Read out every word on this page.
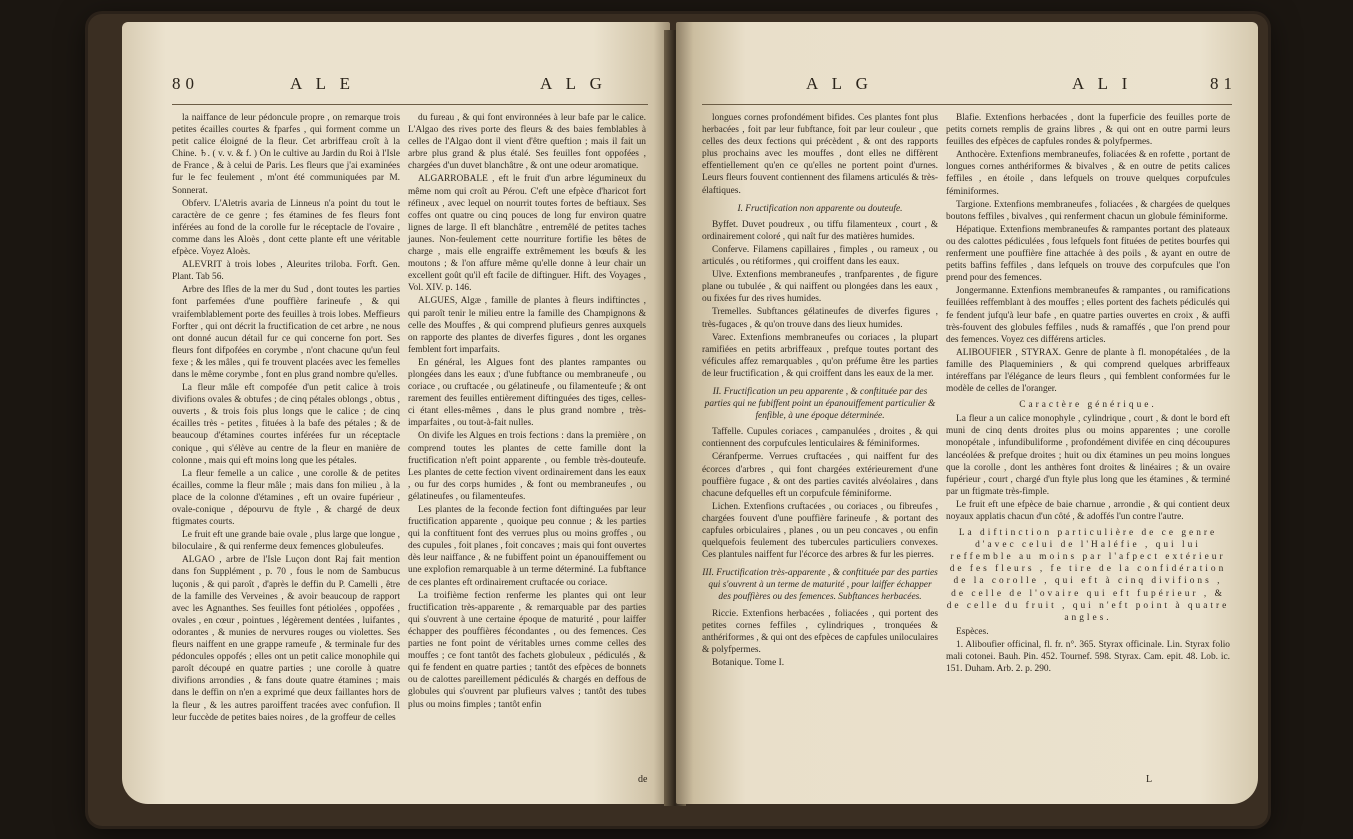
80	A L E	A L G

la naiffance de leur pédoncule propre , on remarque trois petites écailles courtes & fparfes , qui forment comme un petit calice éloigné de la fleur. Cet arbriffeau croît à la Chine. ♄. ( v. v. & f. ) On le cultive au Jardin du Roi à l'Isle de France , & à celui de Paris. Les fleurs que j'ai examinées fur le fec feulement , m'ont été communiquées par M. Sonnerat.

Obferv. L'Aletris avaria de Linneus n'a point du tout le caractère de ce genre ; fes étamines de fes fleurs font inférées au fond de la corolle fur le réceptacle de l'ovaire , comme dans les Aloès , dont cette plante eft une véritable efpèce. Voyez Aloès.

ALEVRIT à trois lobes , Aleurites triloba. Forft. Gen. Plant. Tab 56.

Arbre des Ifles de la mer du Sud , dont toutes les parties font parfemées d'une pouffière farineufe , & qui vraifemblablement porte des feuilles à trois lobes. Meffieurs Forfter , qui ont décrit la fructification de cet arbre , ne nous ont donné aucun détail fur ce qui concerne fon port. Ses fleurs font difpofées en corymbe , n'ont chacune qu'un feul fexe ; & les mâles , qui fe trouvent placées avec les femelles dans le même corymbe , font en plus grand nombre qu'elles.

La fleur mâle eft compofée d'un petit calice à trois divifions ovales & obtufes ; de cinq pétales oblongs , obtus , ouverts , & trois fois plus longs que le calice ; de cinq écailles très - petites , fituées à la bafe des pétales ; & de beaucoup d'étamines courtes inférées fur un réceptacle conique , qui s'élève au centre de la fleur en manière de colonne , mais qui eft moins long que les pétales.

La fleur femelle a un calice , une corolle & de petites écailles, comme la fleur mâle ; mais dans fon milieu , à la place de la colonne d'étamines , eft un ovaire fupérieur , ovale-conique , dépourvu de ftyle , & chargé de deux ftigmates courts.

Le fruit eft une grande baie ovale , plus large que longue , biloculaire , & qui renferme deux femences globuleufes.

ALGAO , arbre de l'Isle Luçon dont Raj fait mention dans fon Supplément , p. 70 , fous le nom de Sambucus luçonis , & qui paroît , d'après le deffin du P. Camelli , être de la famille des Verveines , & avoir beaucoup de rapport avec les Agnanthes. Ses feuilles font pétiolées , oppofées , ovales , en cœur , pointues , légèrement dentées , luifantes , odorantes , & munies de nervures rouges ou violettes. Ses fleurs naiffent en une grappe rameufe , & terminale fur des pédoncules oppofés ; elles ont un petit calice monophile qui paroît découpé en quatre parties ; une corolle à quatre divifions arrondies , & fans doute quatre étamines ; mais dans le deffin on n'en a exprimé que deux faillantes hors de la fleur , & les autres paroiffent tracées avec confufion. Il leur fuccède de petites baies noires , de la groffeur de celles

du fureau , & qui font environnées à leur bafe par le calice. L'Algao des rives porte des fleurs & des baies femblables à celles de l'Algao dont il vient d'être queftion ; mais il fait un arbre plus grand & plus étalé. Ses feuilles font oppofées , chargées d'un duvet blanchâtre , & ont une odeur aromatique.

ALGARROBALE , eft le fruit d'un arbre légumineux du même nom qui croît au Pérou. C'eft une efpèce d'haricot fort réfineux , avec lequel on nourrit toutes fortes de beftiaux. Ses coffes ont quatre ou cinq pouces de long fur environ quatre lignes de large. Il eft blanchâtre , entremêlé de petites taches jaunes. Non-feulement cette nourriture fortifie les bêtes de charge , mais elle engraiffe extrêmement les bœufs & les moutons ; & l'on affure même qu'elle donne à leur chair un excellent goût qu'il eft facile de diftinguer. Hift. des Voyages , Vol. XIV. p. 146.

ALGUES, Algæ , famille de plantes à fleurs indiftinctes , qui paroît tenir le milieu entre la famille des Champignons & celle des Mouffes , & qui comprend plufieurs genres auxquels on rapporte des plantes de diverfes figures , dont les organes femblent fort imparfaits.

En général, les Algues font des plantes rampantes ou plongées dans les eaux ; d'une fubftance ou membraneufe , ou coriace , ou cruftacée , ou gélatineufe , ou filamenteufe ; & ont rarement des feuilles entièrement diftinguées des tiges, celles-ci étant elles-mêmes , dans le plus grand nombre , très-imparfaites , ou tout-à-fait nulles.

On divife les Algues en trois fections : dans la première , on comprend toutes les plantes de cette famille dont la fructification n'eft point apparente , ou femble très-douteufe. Les plantes de cette fection vivent ordinairement dans les eaux , ou fur des corps humides , & font ou membraneufes , ou gélatineufes , ou filamenteufes.

Les plantes de la feconde fection font diftinguées par leur fructification apparente , quoique peu connue ; & les parties qui la conftituent font des verrues plus ou moins groffes , ou des cupules , foit planes , foit concaves ; mais qui font ouvertes dès leur naiffance , & ne fubiffent point un épanouiffement ou une explofion remarquable à un terme déterminé. La fubftance de ces plantes eft ordinairement cruftacée ou coriace.

La troifième fection renferme les plantes qui ont leur fructification très-apparente , & remarquable par des parties qui s'ouvrent à une certaine époque de maturité , pour laiffer échapper des pouffières fécondantes , ou des femences. Ces parties ne font point de véritables urnes comme celles des mouffes ; ce font tantôt des fachets globuleux , pédiculés , & qui fe fendent en quatre parties ; tantôt des efpèces de bonnets ou de calottes pareillement pédiculés & chargés en deffous de globules qui s'ouvrent par plufieurs valves ; tantôt des tubes plus ou moins fimples ; tantôt enfin

de
A L G	A L I	81

longues cornes profondément bifides. Ces plantes font plus herbacées , foit par leur fubftance, foit par leur couleur , que celles des deux fections qui précèdent , & ont des rapports plus prochains avec les mouffes , dont elles ne diffèrent effentiellement qu'en ce qu'elles ne portent point d'urnes. Leurs fleurs fouvent contiennent des filamens articulés & très-élaftiques.

I. Fructification non apparente ou douteufe.

Byffet. Duvet poudreux , ou tiffu filamenteux , court , & ordinairement coloré , qui naît fur des matières humides.

Conferve. Filamens capillaires , fimples , ou rameux , ou articulés , ou rétiformes , qui croiffent dans les eaux.

Ulve. Extenfions membraneufes , tranfparentes , de figure plane ou tubulée , & qui naiffent ou plongées dans les eaux , ou fixées fur des rives humides.

Tremelles. Subftances gélatineufes de diverfes figures , très-fugaces , & qu'on trouve dans des lieux humides.

Varec. Extenfions membraneufes ou coriaces , la plupart ramifiées en petits arbriffeaux , prefque toutes portant des véficules affez remarquables , qu'on préfume être les parties de leur fructification , & qui croiffent dans les eaux de la mer.

II. Fructification un peu apparente , & conftituée par des parties qui ne fubiffent point un épanouiffement particulier & fenfible, à une époque déterminée.

Taffelle. Cupules coriaces , campanulées , droites , & qui contiennent des corpufcules lenticulaires & féminiformes.

Céranfperme. Verrues cruftacées , qui naiffent fur des écorces d'arbres , qui font chargées extérieurement d'une pouffière fugace , & ont des parties cavités alvéolaires , dans chacune defquelles eft un corpufcule féminiforme.

Lichen. Extenfions cruftacées , ou coriaces , ou fibreufes , chargées fouvent d'une pouffière farineufe , & portant des capfules orbiculaires , planes , ou un peu concaves , ou enfin quelquefois feulement des tubercules particuliers convexes. Ces plantules naiffent fur l'écorce des arbres & fur les pierres.

III. Fructification très-apparente , & conftituée par des parties qui s'ouvrent à un terme de maturité , pour laiffer échapper des pouffières ou des femences. Subftances herbacées.

Riccie. Extenfions herbacées , foliacées , qui portent des petites cornes feffiles , cylindriques , tronquées & anthériformes , & qui ont des efpèces de capfules uniloculaires & polyfpermes.

Botanique. Tome I.

Blafie. Extenfions herbacées , dont la fuperficie des feuilles porte de petits cornets remplis de grains libres , & qui ont en outre parmi leurs feuilles des efpèces de capfules rondes & polyfpermes.

Anthocère. Extenfions membraneufes, foliacées & en rofette , portant de longues cornes anthériformes & bivalves , & en outre de petits calices feffiles , en étoile , dans lefquels on trouve quelques corpufcules féminiformes.

Targione. Extenfions membraneufes , foliacées , & chargées de quelques boutons feffiles , bivalves , qui renferment chacun un globule féminiforme.

Hépatique. Extenfions membraneufes & rampantes portant des plateaux ou des calottes pédiculées , fous lefquels font fituées de petites bourfes qui renferment une pouffière fine attachée à des poils , & ayant en outre de petits baffins feffiles , dans lefquels on trouve des corpufcules que l'on prend pour des femences.

Jongermanne. Extenfions membraneufes & rampantes , ou ramifications feuillées reffemblant à des mouffes ; elles portent des fachets pédiculés qui fe fendent jufqu'à leur bafe , en quatre parties ouvertes en croix , & auffi très-fouvent des globules feffiles , nuds & ramaffés , que l'on prend pour des femences. Voyez ces différens articles.

ALIBOUFIER , STYRAX. Genre de plante à fl. monopétalées , de la famille des Plaqueminiers , & qui comprend quelques arbriffeaux intéreffans par l'élégance de leurs fleurs , qui femblent conformées fur le modèle de celles de l'oranger.

Caractère générique.

La fleur a un calice monophyle , cylindrique , court , & dont le bord eft muni de cinq dents droites plus ou moins apparentes ; une corolle monopétale , infundibuliforme , profondément divifée en cinq découpures lancéolées & prefque droites ; huit ou dix étamines un peu moins longues que la corolle , dont les anthères font droites & linéaires ; & un ovaire fupérieur , court , chargé d'un ftyle plus long que les étamines , & terminé par un ftigmate très-fimple.

Le fruit eft une efpèce de baie charnue , arrondie , & qui contient deux noyaux applatis chacun d'un côté , & adoffés l'un contre l'autre.

La diftinction particulière de ce genre d'avec celui de l'Haléfie , qui lui reffemble au moins par l'afpect extérieur de fes fleurs , fe tire de la confidération de la corolle , qui eft à cinq divifions , de celle de l'ovaire qui eft fupérieur , & de celle du fruit , qui n'eft point à quatre angles.

Espèces.

1. Aliboufier officinal, fl. fr. n°. 365. Styrax officinale. Lin. Styrax folio mali cotonei. Bauh. Pin. 452. Tournef. 598. Styrax. Cam. epit. 48. Lob. ic. 151. Duham. Arb. 2. p. 290.

L
